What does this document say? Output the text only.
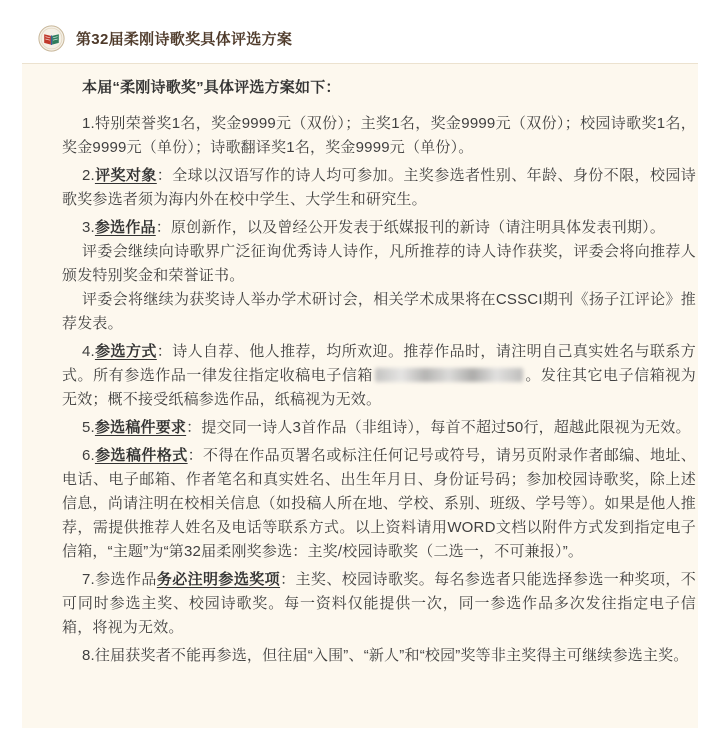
第32届柔刚诗歌奖具体评选方案

本届“柔刚诗歌奖”具体评选方案如下：

1.特别荣誉奖1名，奖金9999元（双份）；主奖1名，奖金9999元（双份）；校园诗歌奖1名，奖金9999元（单份）；诗歌翻译奖1名，奖金9999元（单份）。

2.评奖对象：全球以汉语写作的诗人均可参加。主奖参选者性别、年龄、身份不限，校园诗歌奖参选者须为海内外在校中学生、大学生和研究生。

3.参选作品：原创新作，以及曾经公开发表于纸媒报刊的新诗（请注明具体发表刊期）。

评委会继续向诗歌界广泛征询优秀诗人诗作，凡所推荐的诗人诗作获奖，评委会将向推荐人颁发特别奖金和荣誉证书。

评委会将继续为获奖诗人举办学术研讨会，相关学术成果将在CSSCI期刊《扬子江评论》推荐发表。

4.参选方式：诗人自荐、他人推荐，均所欢迎。推荐作品时，请注明自己真实姓名与联系方式。所有参选作品一律发往指定收稿电子信箱	。发往其它电子信箱视为无效；概不接受纸稿参选作品，纸稿视为无效。

5.参选稿件要求：提交同一诗人3首作品（非组诗），每首不超过50行，超越此限视为无效。

6.参选稿件格式：不得在作品页署名或标注任何记号或符号，请另页附录作者邮编、地址、电话、电子邮箱、作者笔名和真实姓名、出生年月日、身份证号码；参加校园诗歌奖，除上述信息，尚请注明在校相关信息（如投稿人所在地、学校、系别、班级、学号等）。如果是他人推荐，需提供推荐人姓名及电话等联系方式。以上资料请用WORD文档以附件方式发到指定电子信箱，“主题”为“第32届柔刚奖参选：主奖/校园诗歌奖（二选一，不可兼报）”。

7.参选作品务必注明参选奖项：主奖、校园诗歌奖。每名参选者只能选择参选一种奖项，不可同时参选主奖、校园诗歌奖。每一资料仅能提供一次，同一参选作品多次发往指定电子信箱，将视为无效。

8.往届获奖者不能再参选，但往届“入围”、“新人”和“校园”奖等非主奖得主可继续参选主奖。
